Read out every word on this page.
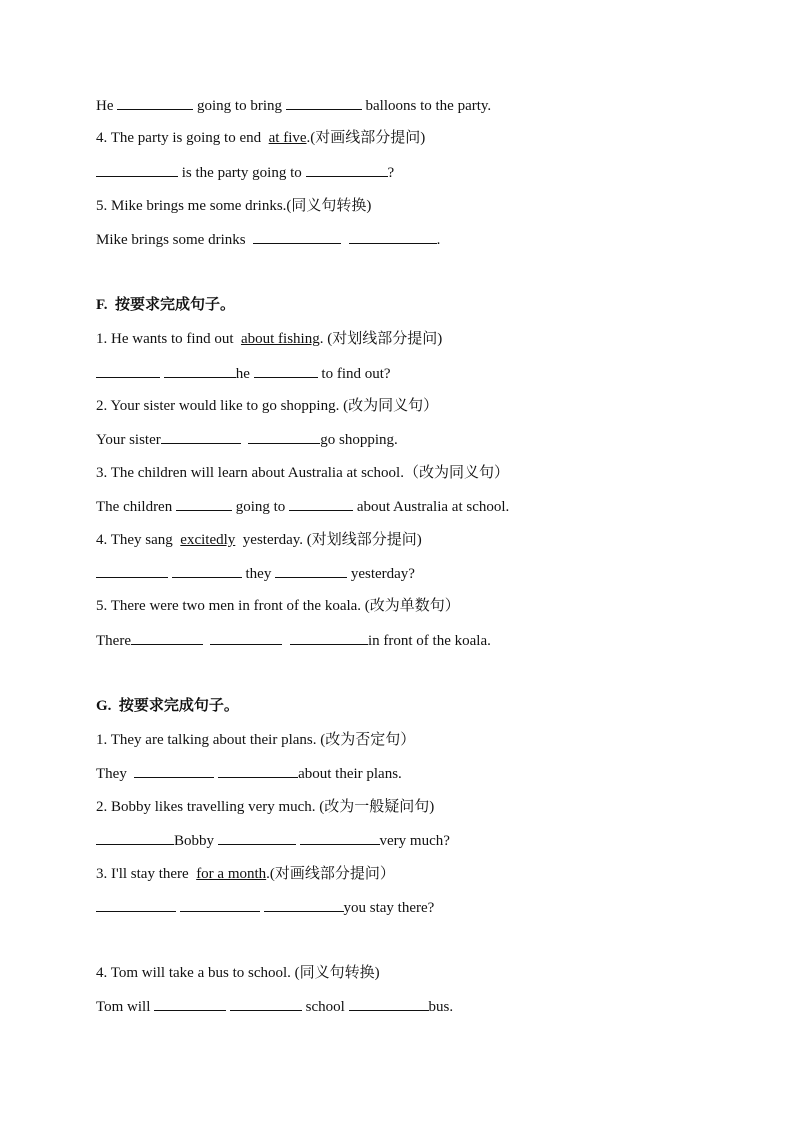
He	going to bring	balloons to the party.
4. The party is going to end  at five.(对画线部分提问)
is the party going to	?
5. Mike brings me some drinks.(同义句转换)
Mike brings some drinks	.
F.  按要求完成句子。
1. He wants to find out  about fishing. (对划线部分提问)
he	to find out?
2. Your sister would like to go shopping. (改为同义句）
Your sister	go shopping.
3. The children will learn about Australia at school.（改为同义句）
The children	going to	about Australia at school.
4. They sang  excitedly  yesterday. (对划线部分提问)
they	yesterday?
5. There were two men in front of the koala. (改为单数句）
There	in front of the koala.
G.  按要求完成句子。
1. They are talking about their plans. (改为否定句）
They	about their plans.
2. Bobby likes travelling very much. (改为一般疑问句)
Bobby	very much?
3. I'll stay there  for a month.(对画线部分提问）
you stay there?
4. Tom will take a bus to school. (同义句转换)
Tom will	school	bus.
